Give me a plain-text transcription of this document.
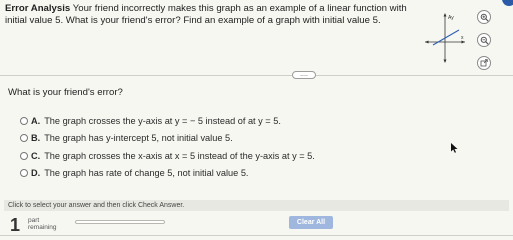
Error Analysis Your friend incorrectly makes this graph as an example of a linear function with initial value 5. What is your friend's error? Find an example of a graph with initial value 5.	Ay
x
....
What is your friend's error?
A. The graph crosses the y-axis at y = − 5 instead of at y = 5.
B. The graph has y-intercept 5, not initial value 5.
C. The graph crosses the x-axis at x = 5 instead of the y-axis at y = 5.
D. The graph has rate of change 5, not initial value 5.
Click to select your answer and then click Check Answer.
1 part
remaining
Clear All
